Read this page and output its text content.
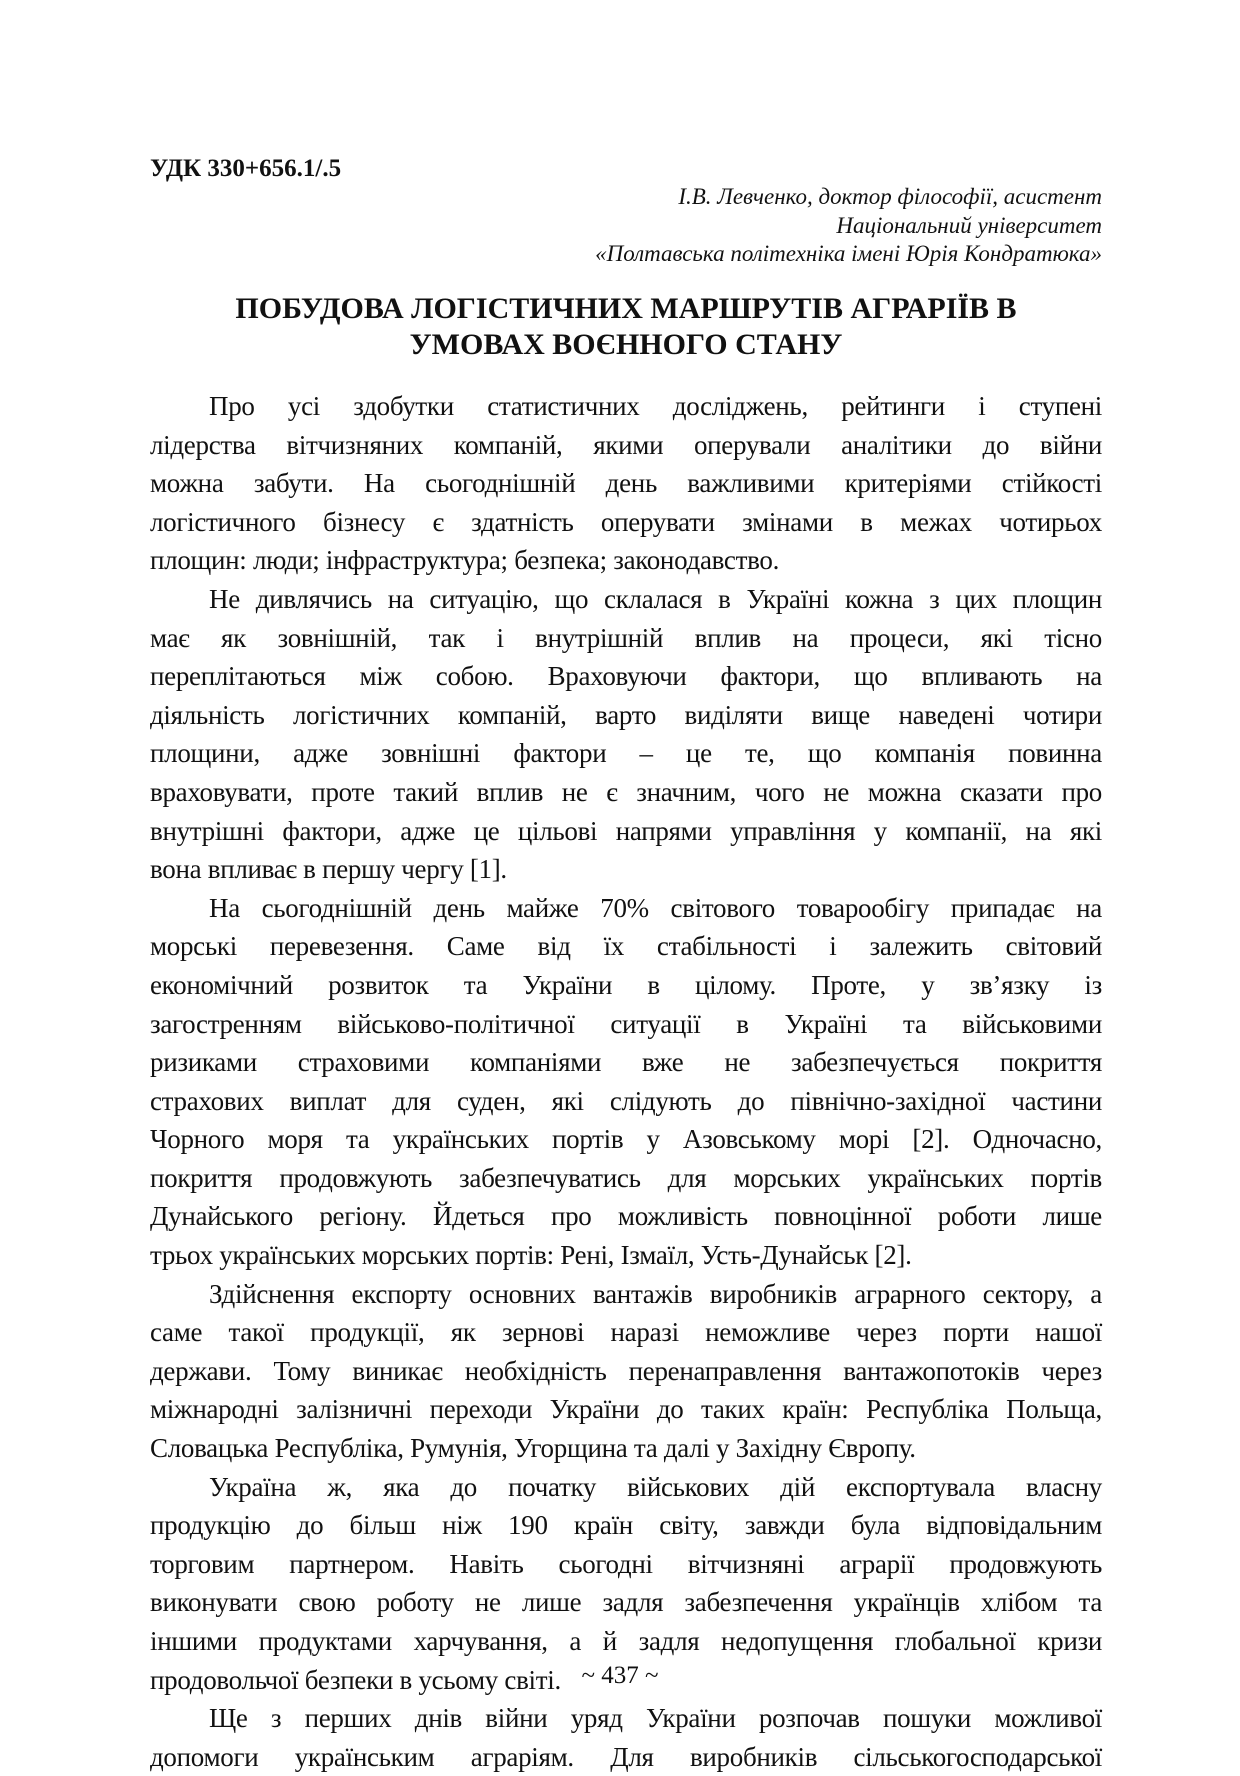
УДК 330+656.1/.5
І.В. Левченко, доктор філософії, асистент
Національний університет
«Полтавська політехніка імені Юрія Кондратюка»
ПОБУДОВА ЛОГІСТИЧНИХ МАРШРУТІВ АГРАРІЇВ В
УМОВАХ ВОЄННОГО СТАНУ
Про усі здобутки статистичних досліджень, рейтинги і ступені
лідерства вітчизняних компаній, якими оперували аналітики до війни
можна забути. На сьогоднішній день важливими критеріями стійкості
логістичного бізнесу є здатність оперувати змінами в межах чотирьох
площин: люди; інфраструктура; безпека; законодавство.
Не дивлячись на ситуацію, що склалася в Україні кожна з цих площин
має як зовнішній, так і внутрішній вплив на процеси, які тісно
переплітаються між собою. Враховуючи фактори, що впливають на
діяльність логістичних компаній, варто виділяти вище наведені чотири
площини, адже зовнішні фактори – це те, що компанія повинна
враховувати, проте такий вплив не є значним, чого не можна сказати про
внутрішні фактори, адже це цільові напрями управління у компанії, на які
вона впливає в першу чергу [1].
На сьогоднішній день майже 70% світового товарообігу припадає на
морські перевезення. Саме від їх стабільності і залежить світовий
економічний розвиток та України в цілому. Проте, у зв’язку із
загостренням військово-політичної ситуації в Україні та військовими
ризиками страховими компаніями вже не забезпечується покриття
страхових виплат для суден, які слідують до північно-західної частини
Чорного моря та українських портів у Азовському морі [2]. Одночасно,
покриття продовжують забезпечуватись для морських українських портів
Дунайського регіону. Йдеться про можливість повноцінної роботи лише
трьох українських морських портів: Рені, Ізмаїл, Усть-Дунайськ [2].
Здійснення експорту основних вантажів виробників аграрного сектору, а
саме такої продукції, як зернові наразі неможливе через порти нашої
держави. Тому виникає необхідність перенаправлення вантажопотоків через
міжнародні залізничні переходи України до таких країн: Республіка Польща,
Словацька Республіка, Румунія, Угорщина та далі у Західну Європу.
Україна ж, яка до початку військових дій експортувала власну
продукцію до більш ніж 190 країн світу, завжди була відповідальним
торговим партнером. Навіть сьогодні вітчизняні аграрії продовжують
виконувати свою роботу не лише задля забезпечення українців хлібом та
іншими продуктами харчування, а й задля недопущення глобальної кризи
продовольчої безпеки в усьому світі.
Ще з перших днів війни уряд України розпочав пошуки можливої
допомоги українським аграріям. Для виробників сільськогосподарської
~ 437 ~
